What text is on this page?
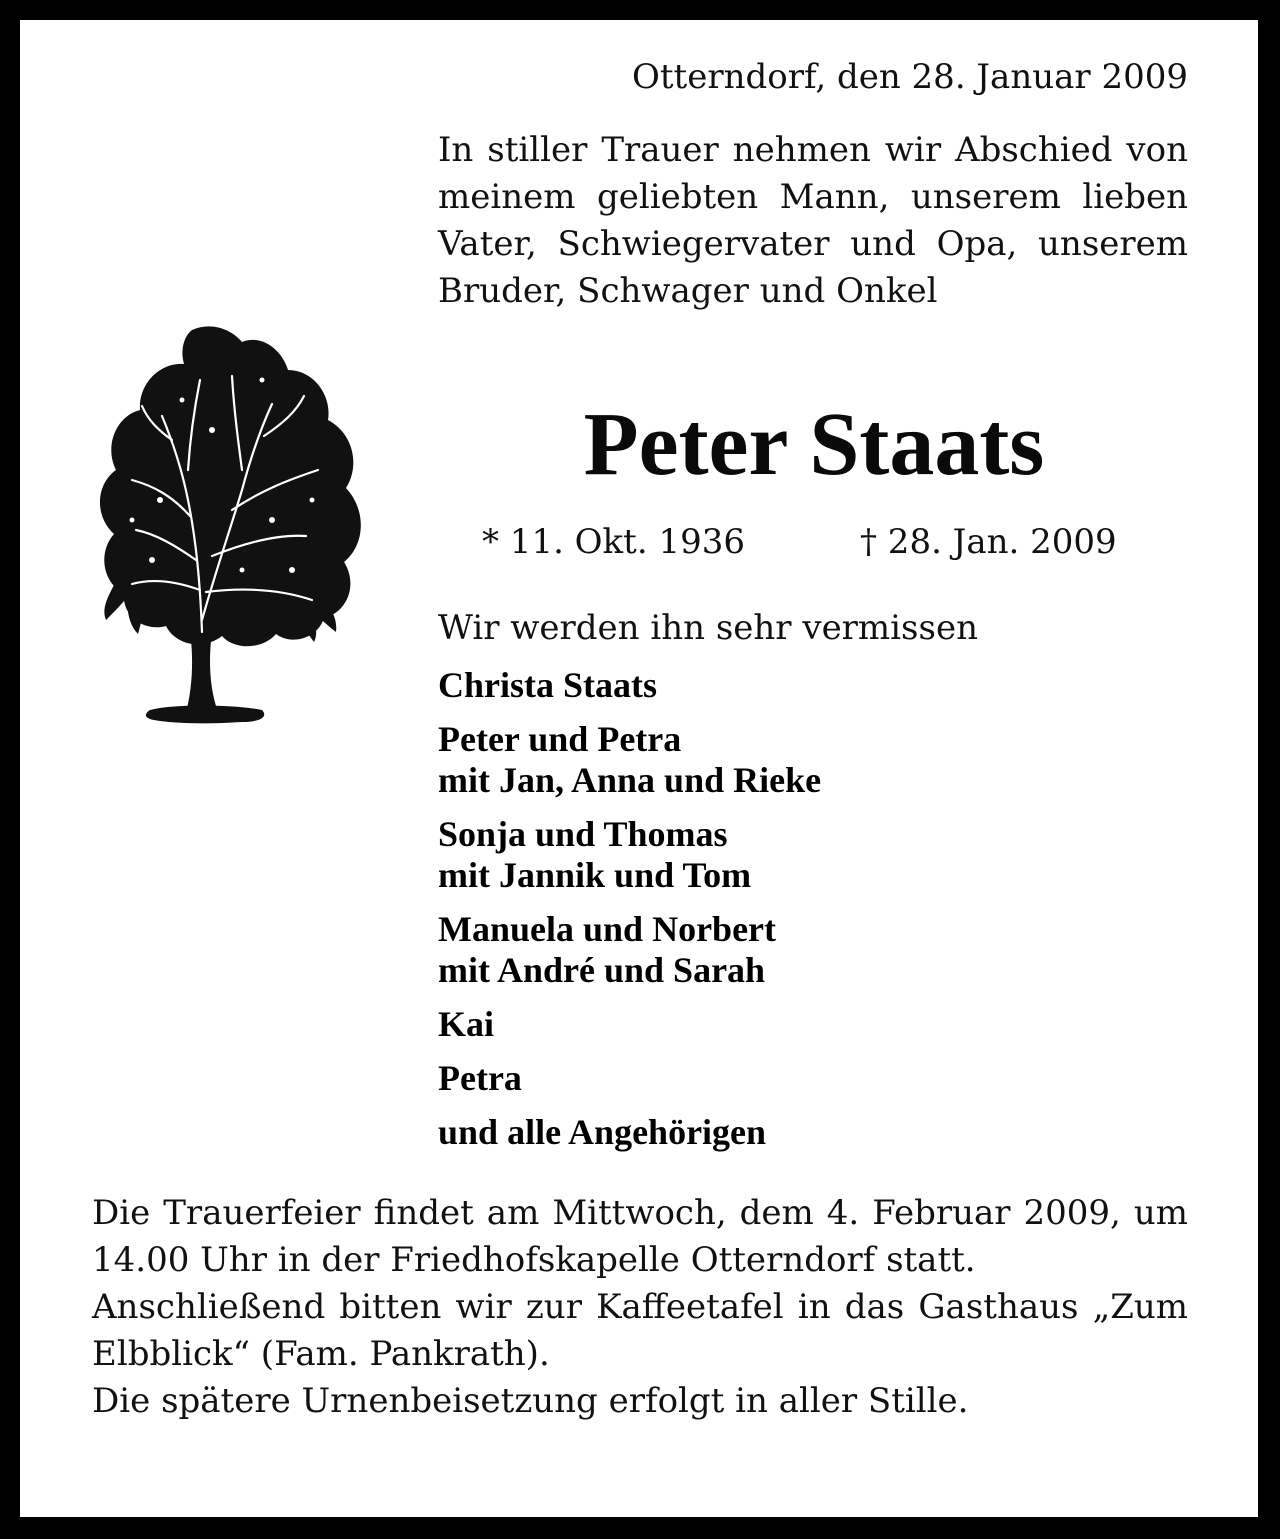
Otterndorf, den 28. Januar 2009
In stiller Trauer nehmen wir Abschied von meinem geliebten Mann, unserem lieben Vater, Schwiegervater und Opa, unserem Bruder, Schwager und Onkel
Peter Staats
* 11. Okt. 1936	† 28. Jan. 2009
Wir werden ihn sehr vermissen
Christa Staats
Peter und Petra
mit Jan, Anna und Rieke
Sonja und Thomas
mit Jannik und Tom
Manuela und Norbert
mit André und Sarah
Kai
Petra
und alle Angehörigen
Die Trauerfeier findet am Mittwoch, dem 4. Februar 2009, um 14.00 Uhr in der Friedhofskapelle Otterndorf statt.
Anschließend bitten wir zur Kaffeetafel in das Gasthaus „Zum Elbblick“ (Fam. Pankrath).
Die spätere Urnenbeisetzung erfolgt in aller Stille.
